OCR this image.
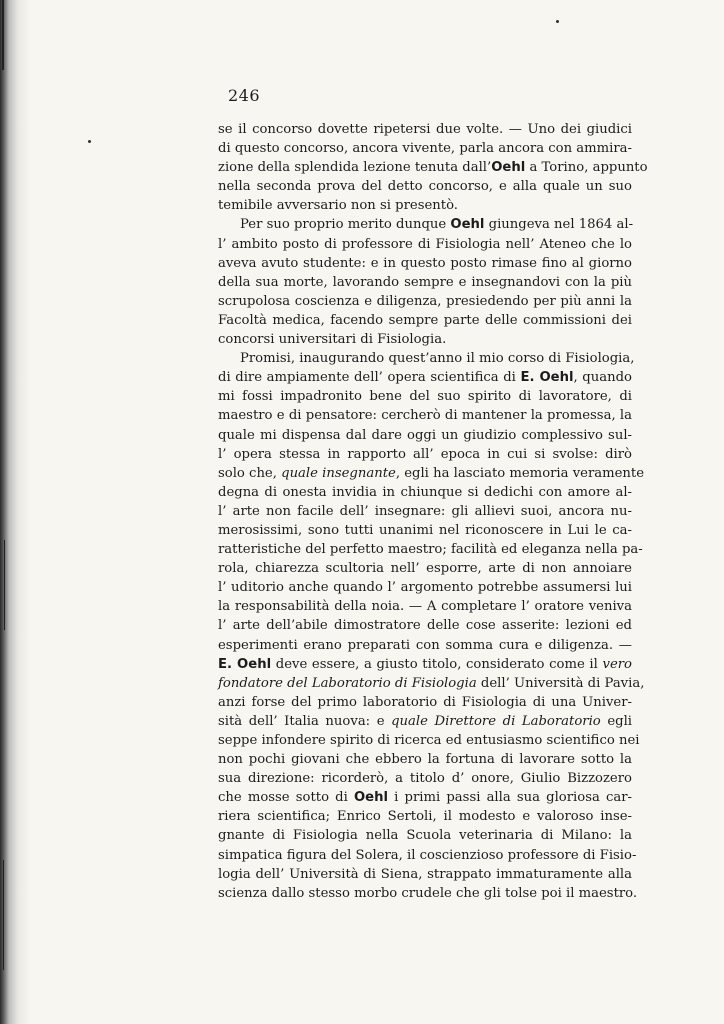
246
se il concorso dovette ripetersi due volte. — Uno dei giudici
di questo concorso, ancora vivente, parla ancora con ammira-
zione della splendida lezione tenuta dall’Oehl a Torino, appunto
nella seconda prova del detto concorso, e alla quale un suo
temibile avversario non si presentò.
Per suo proprio merito dunque Oehl giungeva nel 1864 al-
l’ ambito posto di professore di Fisiologia nell’ Ateneo che lo
aveva avuto studente: e in questo posto rimase fino al giorno
della sua morte, lavorando sempre e insegnandovi con la più
scrupolosa coscienza e diligenza, presiedendo per più anni la
Facoltà medica, facendo sempre parte delle commissioni dei
concorsi universitari di Fisiologia.
Promisi, inaugurando quest’anno il mio corso di Fisiologia,
di dire ampiamente dell’ opera scientifica di E. Oehl, quando
mi fossi impadronito bene del suo spirito di lavoratore, di
maestro e di pensatore: cercherò di mantener la promessa, la
quale mi dispensa dal dare oggi un giudizio complessivo sul-
l’ opera stessa in rapporto all’ epoca in cui si svolse: dirò
solo che, quale insegnante, egli ha lasciato memoria veramente
degna di onesta invidia in chiunque si dedichi con amore al-
l’ arte non facile dell’ insegnare: gli allievi suoi, ancora nu-
merosissimi, sono tutti unanimi nel riconoscere in Lui le ca-
ratteristiche del perfetto maestro; facilità ed eleganza nella pa-
rola, chiarezza scultoria nell’ esporre, arte di non annoiare
l’ uditorio anche quando l’ argomento potrebbe assumersi lui
la responsabilità della noia. — A completare l’ oratore veniva
l’ arte dell’abile dimostratore delle cose asserite: lezioni ed
esperimenti erano preparati con somma cura e diligenza. —
E. Oehl deve essere, a giusto titolo, considerato come il vero
fondatore del Laboratorio di Fisiologia dell’ Università di Pavia,
anzi forse del primo laboratorio di Fisiologia di una Univer-
sità dell’ Italia nuova: e quale Direttore di Laboratorio egli
seppe infondere spirito di ricerca ed entusiasmo scientifico nei
non pochi giovani che ebbero la fortuna di lavorare sotto la
sua direzione: ricorderò, a titolo d’ onore, Giulio Bizzozero
che mosse sotto di Oehl i primi passi alla sua gloriosa car-
riera scientifica; Enrico Sertoli, il modesto e valoroso inse-
gnante di Fisiologia nella Scuola veterinaria di Milano: la
simpatica figura del Solera, il coscienzioso professore di Fisio-
logia dell’ Università di Siena, strappato immaturamente alla
scienza dallo stesso morbo crudele che gli tolse poi il maestro.
